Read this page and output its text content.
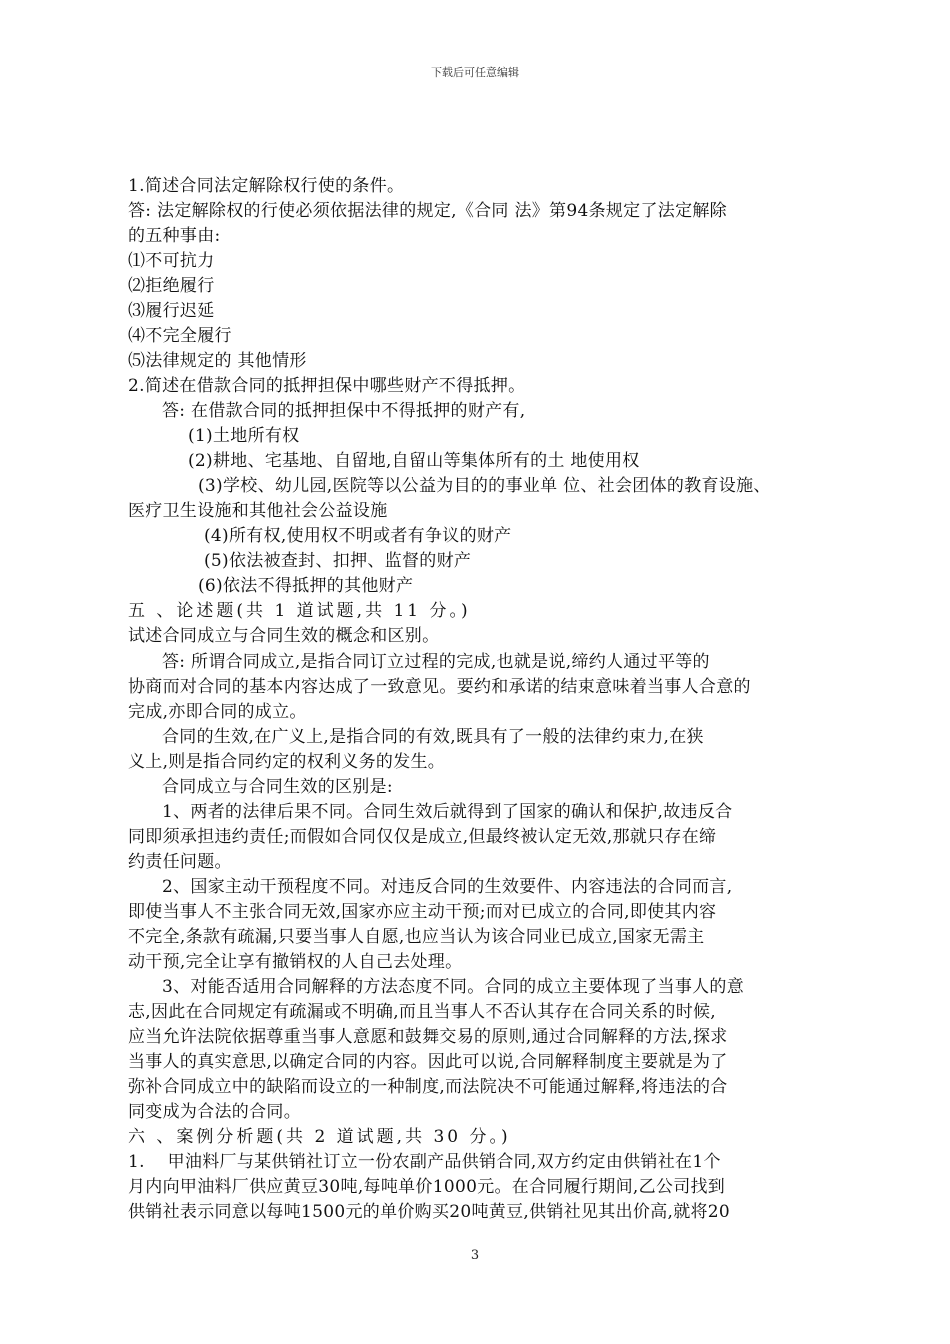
下载后可任意编辑
1.简述合同法定解除权行使的条件。
答: 法定解除权的行使必须依据法律的规定,《合同 法》第94条规定了法定解除
的五种事由:
⑴不可抗力
⑵拒绝履行
⑶履行迟延
⑷不完全履行
⑸法律规定的 其他情形
2.简述在借款合同的抵押担保中哪些财产不得抵押。
答: 在借款合同的抵押担保中不得抵押的财产有,
(1)土地所有权
(2)耕地、宅基地、自留地,自留山等集体所有的土 地使用权
(3)学校、幼儿园,医院等以公益为目的的事业单 位、社会团体的教育设施、
医疗卫生设施和其他社会公益设施
(4)所有权,使用权不明或者有争议的财产
(5)依法被查封、扣押、监督的财产
(6)依法不得抵押的其他财产
五 、论述题(共 1 道试题,共 11 分。)
试述合同成立与合同生效的概念和区别。
答: 所谓合同成立,是指合同订立过程的完成,也就是说,缔约人通过平等的
协商而对合同的基本内容达成了一致意见。要约和承诺的结束意味着当事人合意的
完成,亦即合同的成立。
合同的生效,在广义上,是指合同的有效,既具有了一般的法律约束力,在狭
义上,则是指合同约定的权利义务的发生。
合同成立与合同生效的区别是:
1、两者的法律后果不同。合同生效后就得到了国家的确认和保护,故违反合
同即须承担违约责任;而假如合同仅仅是成立,但最终被认定无效,那就只存在缔
约责任问题。
2、国家主动干预程度不同。对违反合同的生效要件、内容违法的合同而言,
即使当事人不主张合同无效,国家亦应主动干预;而对已成立的合同,即使其内容
不完全,条款有疏漏,只要当事人自愿,也应当认为该合同业已成立,国家无需主
动干预,完全让享有撤销权的人自己去处理。
3、对能否适用合同解释的方法态度不同。合同的成立主要体现了当事人的意
志,因此在合同规定有疏漏或不明确,而且当事人不否认其存在合同关系的时候,
应当允许法院依据尊重当事人意愿和鼓舞交易的原则,通过合同解释的方法,探求
当事人的真实意思,以确定合同的内容。因此可以说,合同解释制度主要就是为了
弥补合同成立中的缺陷而设立的一种制度,而法院决不可能通过解释,将违法的合
同变成为合法的合同。
六 、案例分析题(共 2 道试题,共 30 分。)
1.    甲油料厂与某供销社订立一份农副产品供销合同,双方约定由供销社在1个
月内向甲油料厂供应黄豆30吨,每吨单价1000元。在合同履行期间,乙公司找到
供销社表示同意以每吨1500元的单价购买20吨黄豆,供销社见其出价高,就将20
3
